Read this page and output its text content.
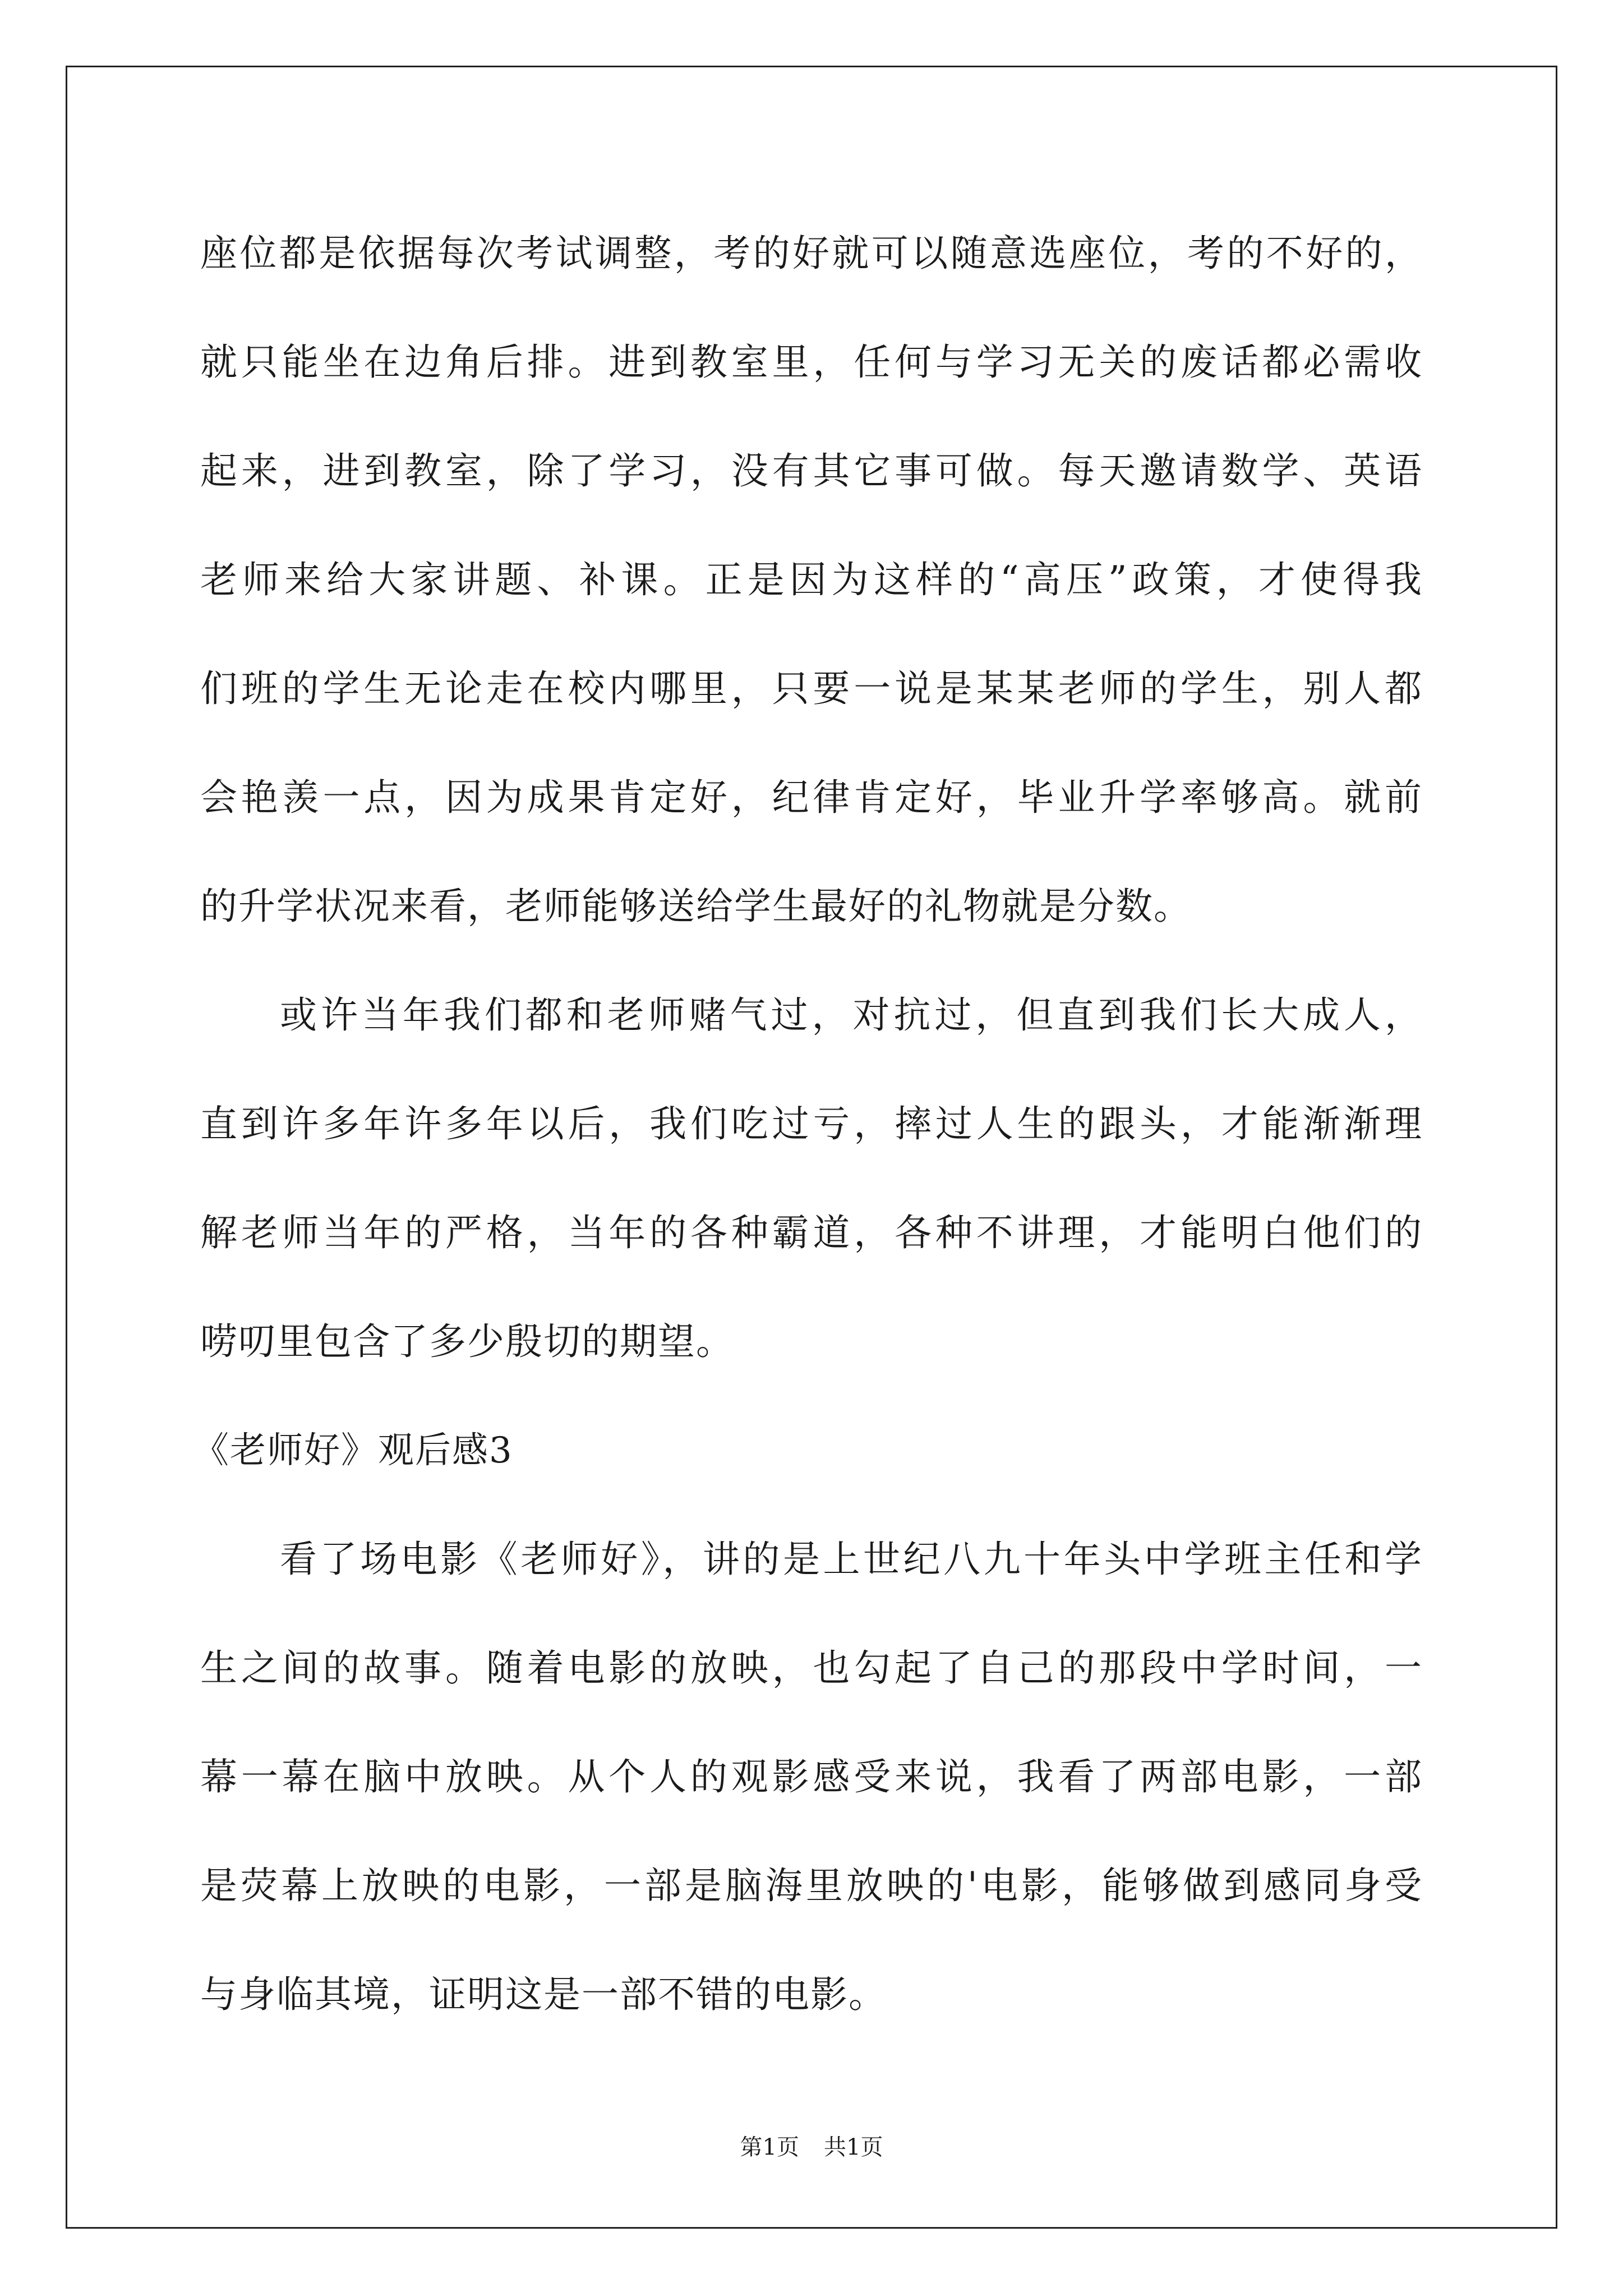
座位都是依据每次考试调整，考的好就可以随意选座位，考的不好的，
就只能坐在边角后排。进到教室里，任何与学习无关的废话都必需收
起来，进到教室，除了学习，没有其它事可做。每天邀请数学、英语
老师来给大家讲题、补课。正是因为这样的“高压”政策，才使得我
们班的学生无论走在校内哪里，只要一说是某某老师的学生，别人都
会艳羡一点，因为成果肯定好，纪律肯定好，毕业升学率够高。就前
的升学状况来看，老师能够送给学生最好的礼物就是分数。
或许当年我们都和老师赌气过，对抗过，但直到我们长大成人，
直到许多年许多年以后，我们吃过亏，摔过人生的跟头，才能渐渐理
解老师当年的严格，当年的各种霸道，各种不讲理，才能明白他们的
唠叨里包含了多少殷切的期望。
《老师好》观后感3
看了场电影《老师好》，讲的是上世纪八九十年头中学班主任和学
生之间的故事。随着电影的放映，也勾起了自己的那段中学时间，一
幕一幕在脑中放映。从个人的观影感受来说，我看了两部电影，一部
是荧幕上放映的电影，一部是脑海里放映的'电影，能够做到感同身受
与身临其境，证明这是一部不错的电影。
第1页 共1页
